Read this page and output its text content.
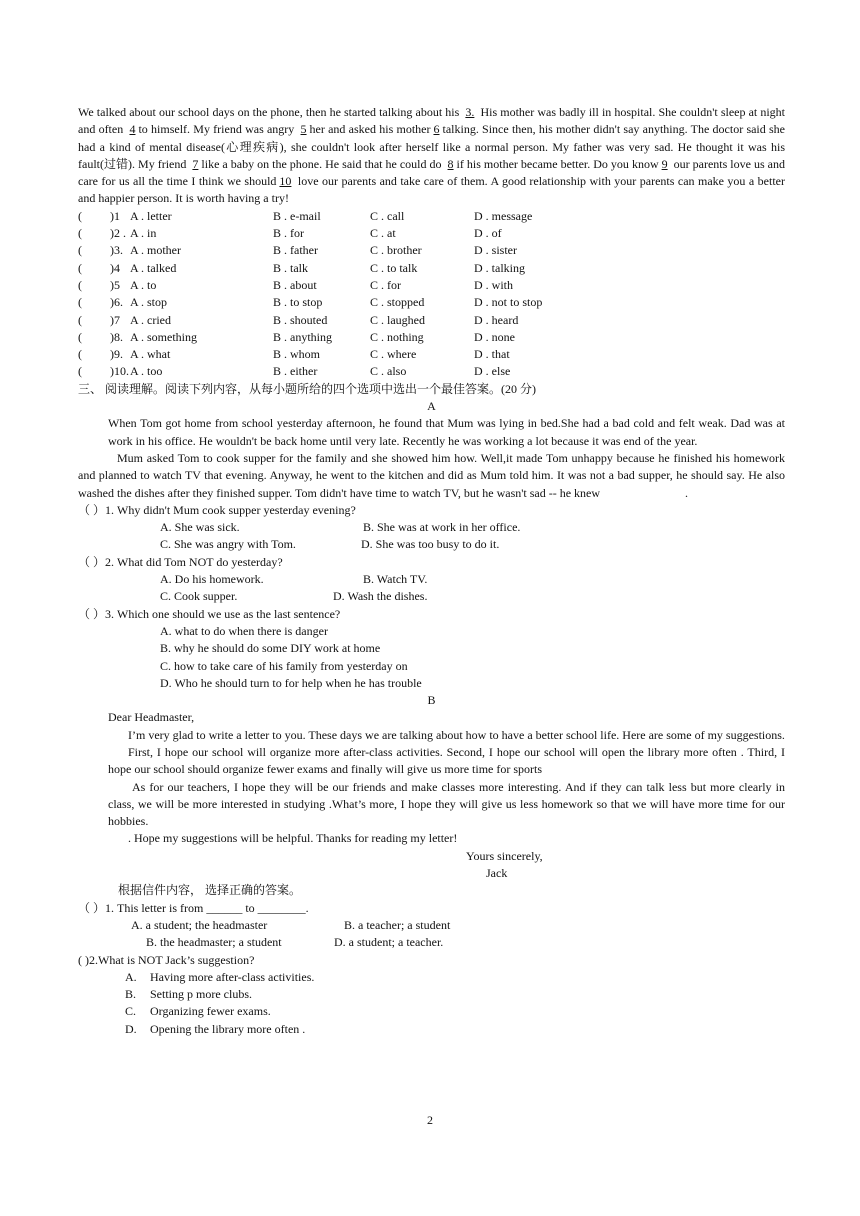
We talked about our school days on the phone, then he started talking about his 3. His mother was badly ill in hospital. She couldn't sleep at night and often 4 to himself. My friend was angry 5 her and asked his mother 6 talking. Since then, his mother didn't say anything. The doctor said she had a kind of mental disease(心理疾病), she couldn't look after herself like a normal person. My father was very sad. He thought it was his fault(过错). My friend 7 like a baby on the phone. He said that he could do 8 if his mother became better. Do you know 9 our parents love us and care for us all the time I think we should 10 love our parents and take care of them. A good relationship with your parents can make you a better and happier person. It is worth having a try!
( )1 A . letter	B . e-mail	C . call	D . message
( )2 . A . in	B . for	C . at	D . of
( )3. A . mother	B . father	C . brother	D . sister
( )4 A . talked	B . talk	C . to talk	D . talking
( )5 A . to	B . about	C . for	D . with
( )6. A . stop	B . to stop	C . stopped	D . not to stop
( )7 A . cried	B . shouted	C . laughed	D . heard
( )8. A . something	B . anything	C . nothing	D . none
( )9. A . what	B . whom	C . where	D . that
( )10. A . too	B . either	C . also	D . else
三、 阅读理解。阅读下列内容，从每小题所给的四个选项中选出一个最佳答案。(20 分)
A
When Tom got home from school yesterday afternoon, he found that Mum was lying in bed.She had a bad cold and felt weak. Dad was at work in his office. He wouldn't be back home until very late. Recently he was working a lot because it was end of the year.
Mum asked Tom to cook supper for the family and she showed him how. Well,it made Tom unhappy because he finished his homework and planned to watch TV that evening. Anyway, he went to the kitchen and did as Mum told him. It was not a bad supper, he should say. He also washed the dishes after they finished supper. Tom didn't have time to watch TV, but he wasn't sad -- he knew	.
（ ）1. Why didn't Mum cook supper yesterday evening?
A. She was sick.	B. She was at work in her office.
C. She was angry with Tom.	D. She was too busy to do it.
（ ）2. What did Tom NOT do yesterday?
A. Do his homework.	B. Watch TV.
C. Cook supper.	D. Wash the dishes.
（ ）3. Which one should we use as the last sentence?
A. what to do when there is danger
B. why he should do some DIY work at home
C. how to take care of his family from yesterday on
D. Who he should turn to for help when he has trouble
B
Dear Headmaster,
I’m very glad to write a letter to you. These days we are talking about how to have a better school life. Here are some of my suggestions.
First, I hope our school will organize more after-class activities. Second, I hope our school will open the library more often . Third, I hope our school should organize fewer exams and finally will give us more time for sports
As for our teachers, I hope they will be our friends and make classes more interesting. And if they can talk less but more clearly in class, we will be more interested in studying .What’s more, I hope they will give us less homework so that we will have more time for our hobbies.
. Hope my suggestions will be helpful. Thanks for reading my letter!
Yours sincerely,
Jack
根据信件内容， 选择正确的答案。
（ ）1. This letter is from ______ to ________.
A. a student; the headmaster	B. a teacher; a student
B. the headmaster; a student	D. a student; a teacher.
( )2.What is NOT Jack’s suggestion?
A. Having more after-class activities.
B. Setting p more clubs.
C. Organizing fewer exams.
D. Opening the library more often .
2
